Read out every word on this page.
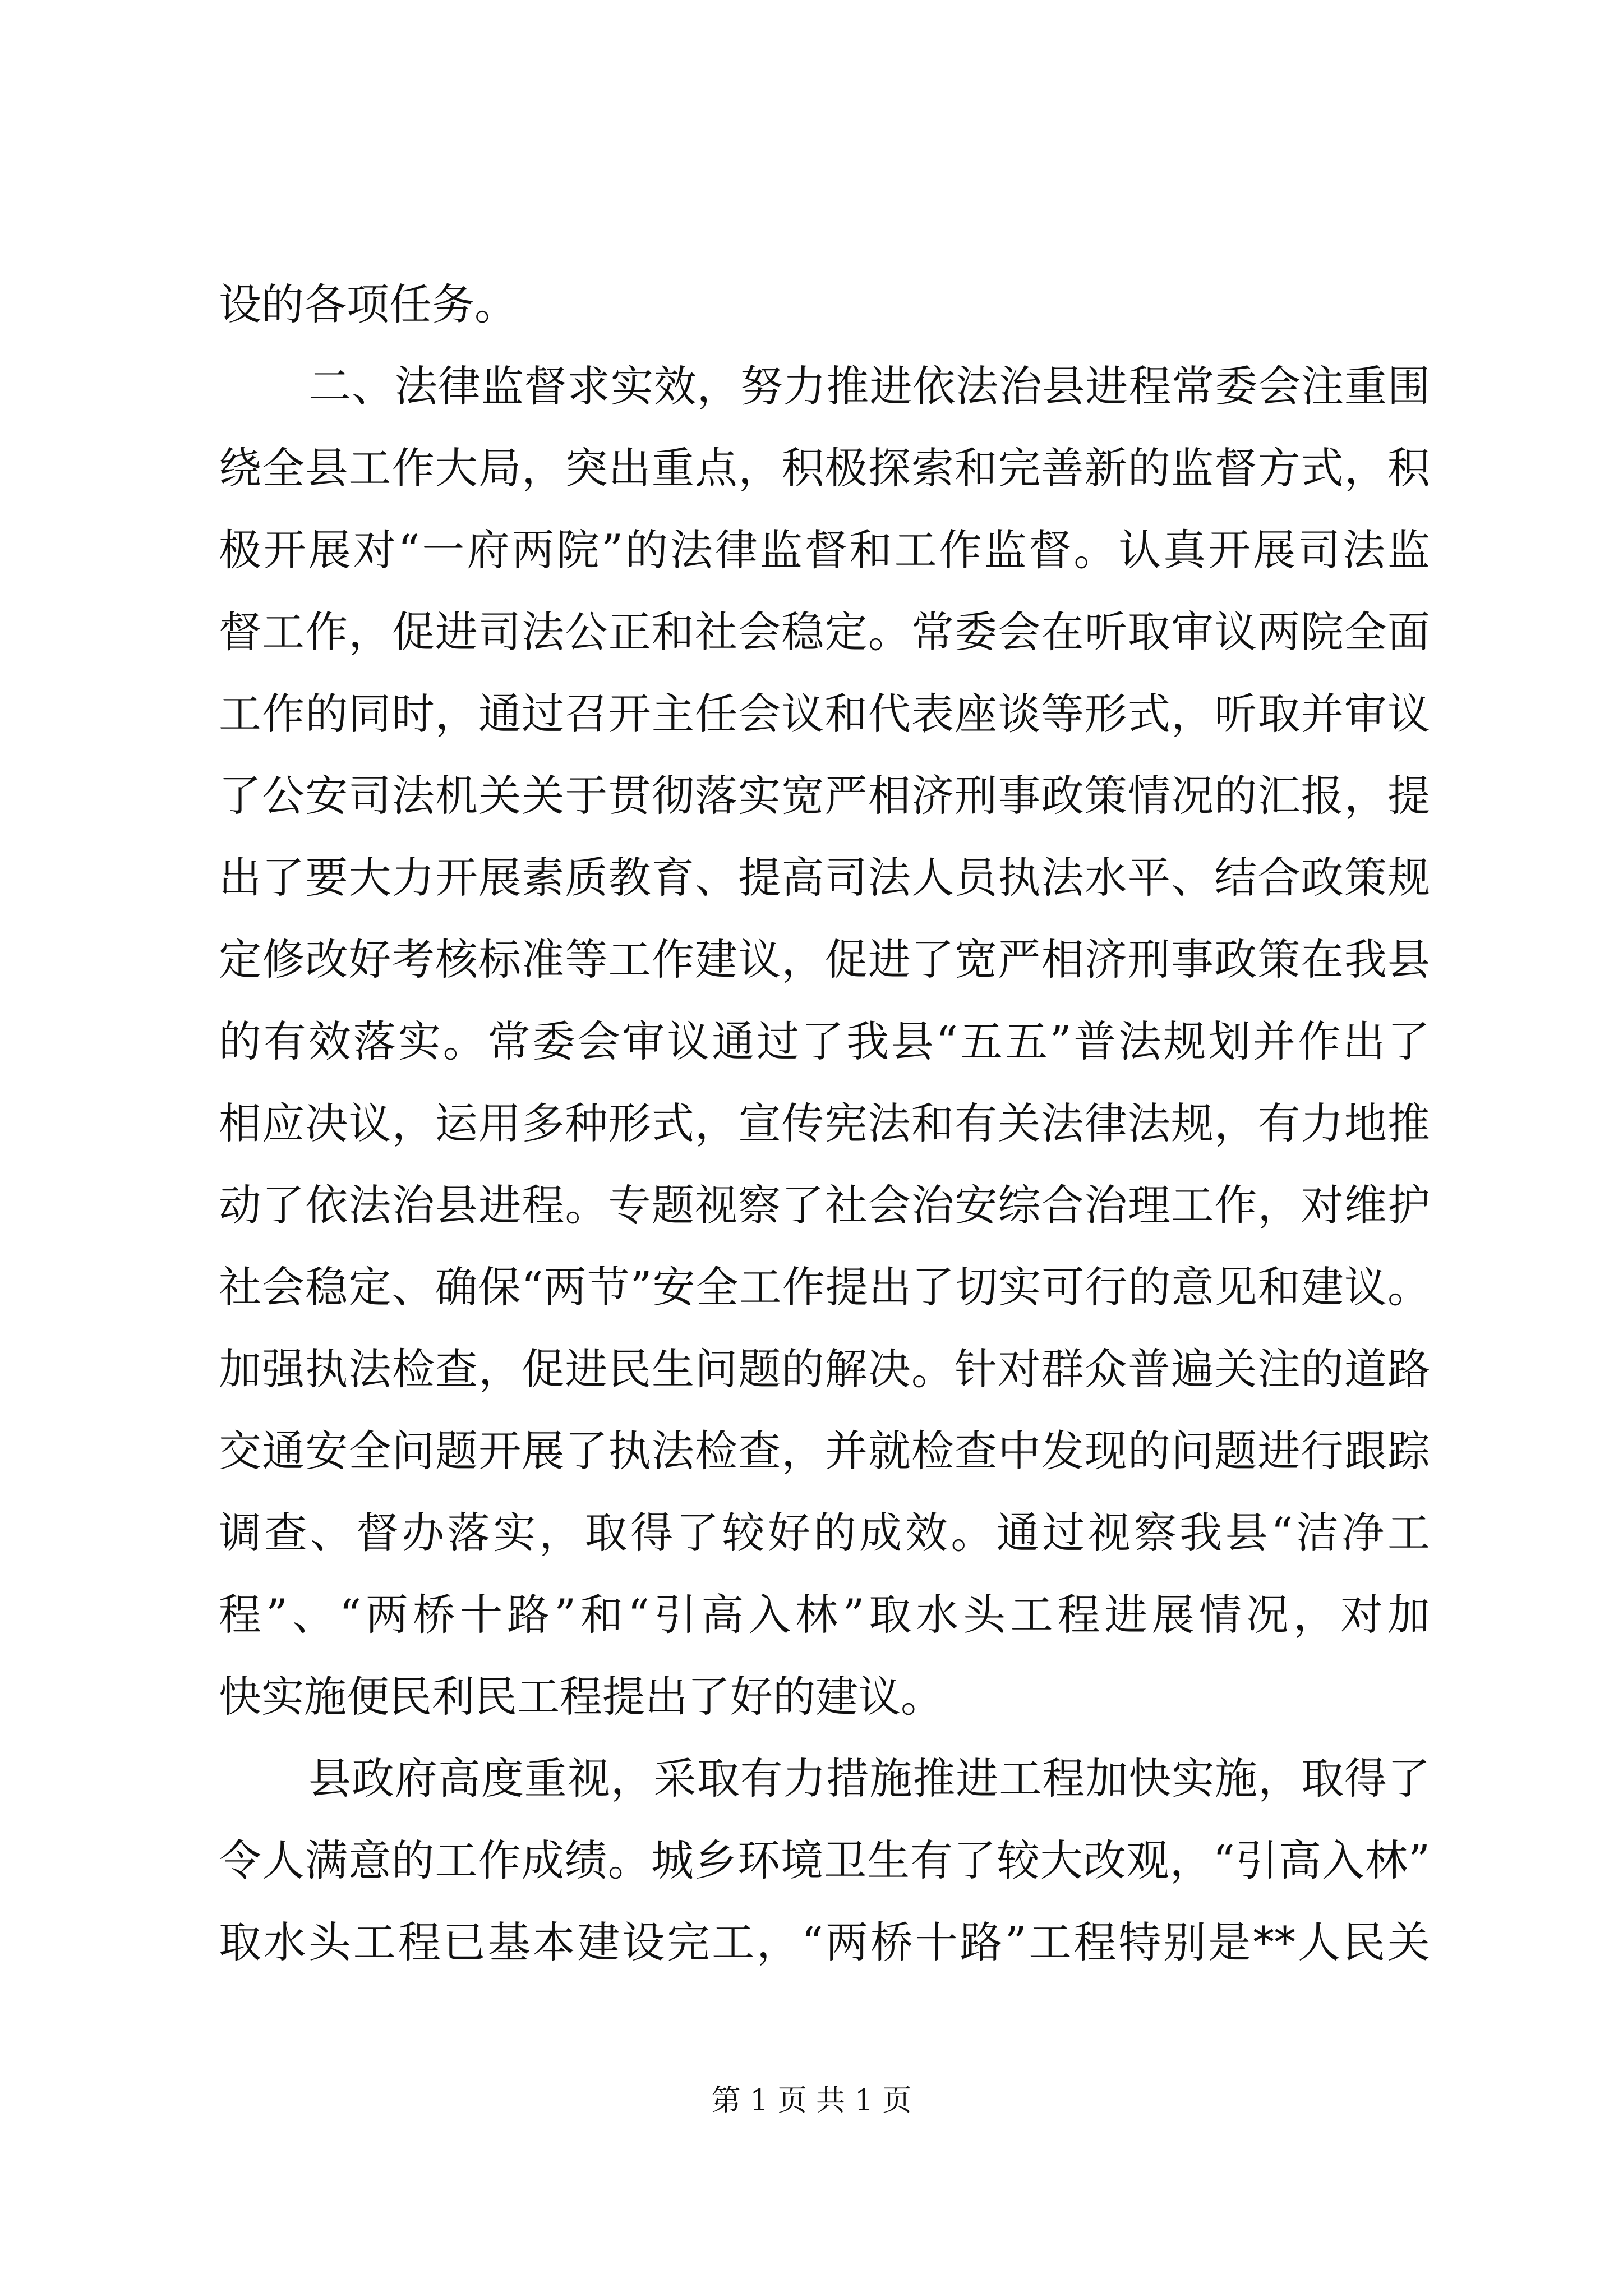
设的各项任务。
二、法律监督求实效，努力推进依法治县进程常委会注重围
绕全县工作大局，突出重点，积极探索和完善新的监督方式，积
极开展对“一府两院”的法律监督和工作监督。认真开展司法监
督工作，促进司法公正和社会稳定。常委会在听取审议两院全面
工作的同时，通过召开主任会议和代表座谈等形式，听取并审议
了公安司法机关关于贯彻落实宽严相济刑事政策情况的汇报，提
出了要大力开展素质教育、提高司法人员执法水平、结合政策规
定修改好考核标准等工作建议，促进了宽严相济刑事政策在我县
的有效落实。常委会审议通过了我县“五五”普法规划并作出了
相应决议，运用多种形式，宣传宪法和有关法律法规，有力地推
动了依法治县进程。专题视察了社会治安综合治理工作，对维护
社会稳定、确保“两节”安全工作提出了切实可行的意见和建议。
加强执法检查，促进民生问题的解决。针对群众普遍关注的道路
交通安全问题开展了执法检查，并就检查中发现的问题进行跟踪
调查、督办落实，取得了较好的成效。通过视察我县“洁净工
程”、“两桥十路”和“引高入林”取水头工程进展情况，对加
快实施便民利民工程提出了好的建议。
县政府高度重视，采取有力措施推进工程加快实施，取得了
令人满意的工作成绩。城乡环境卫生有了较大改观，“引高入林”
取水头工程已基本建设完工，“两桥十路”工程特别是**人民关
第 1 页 共 1 页
